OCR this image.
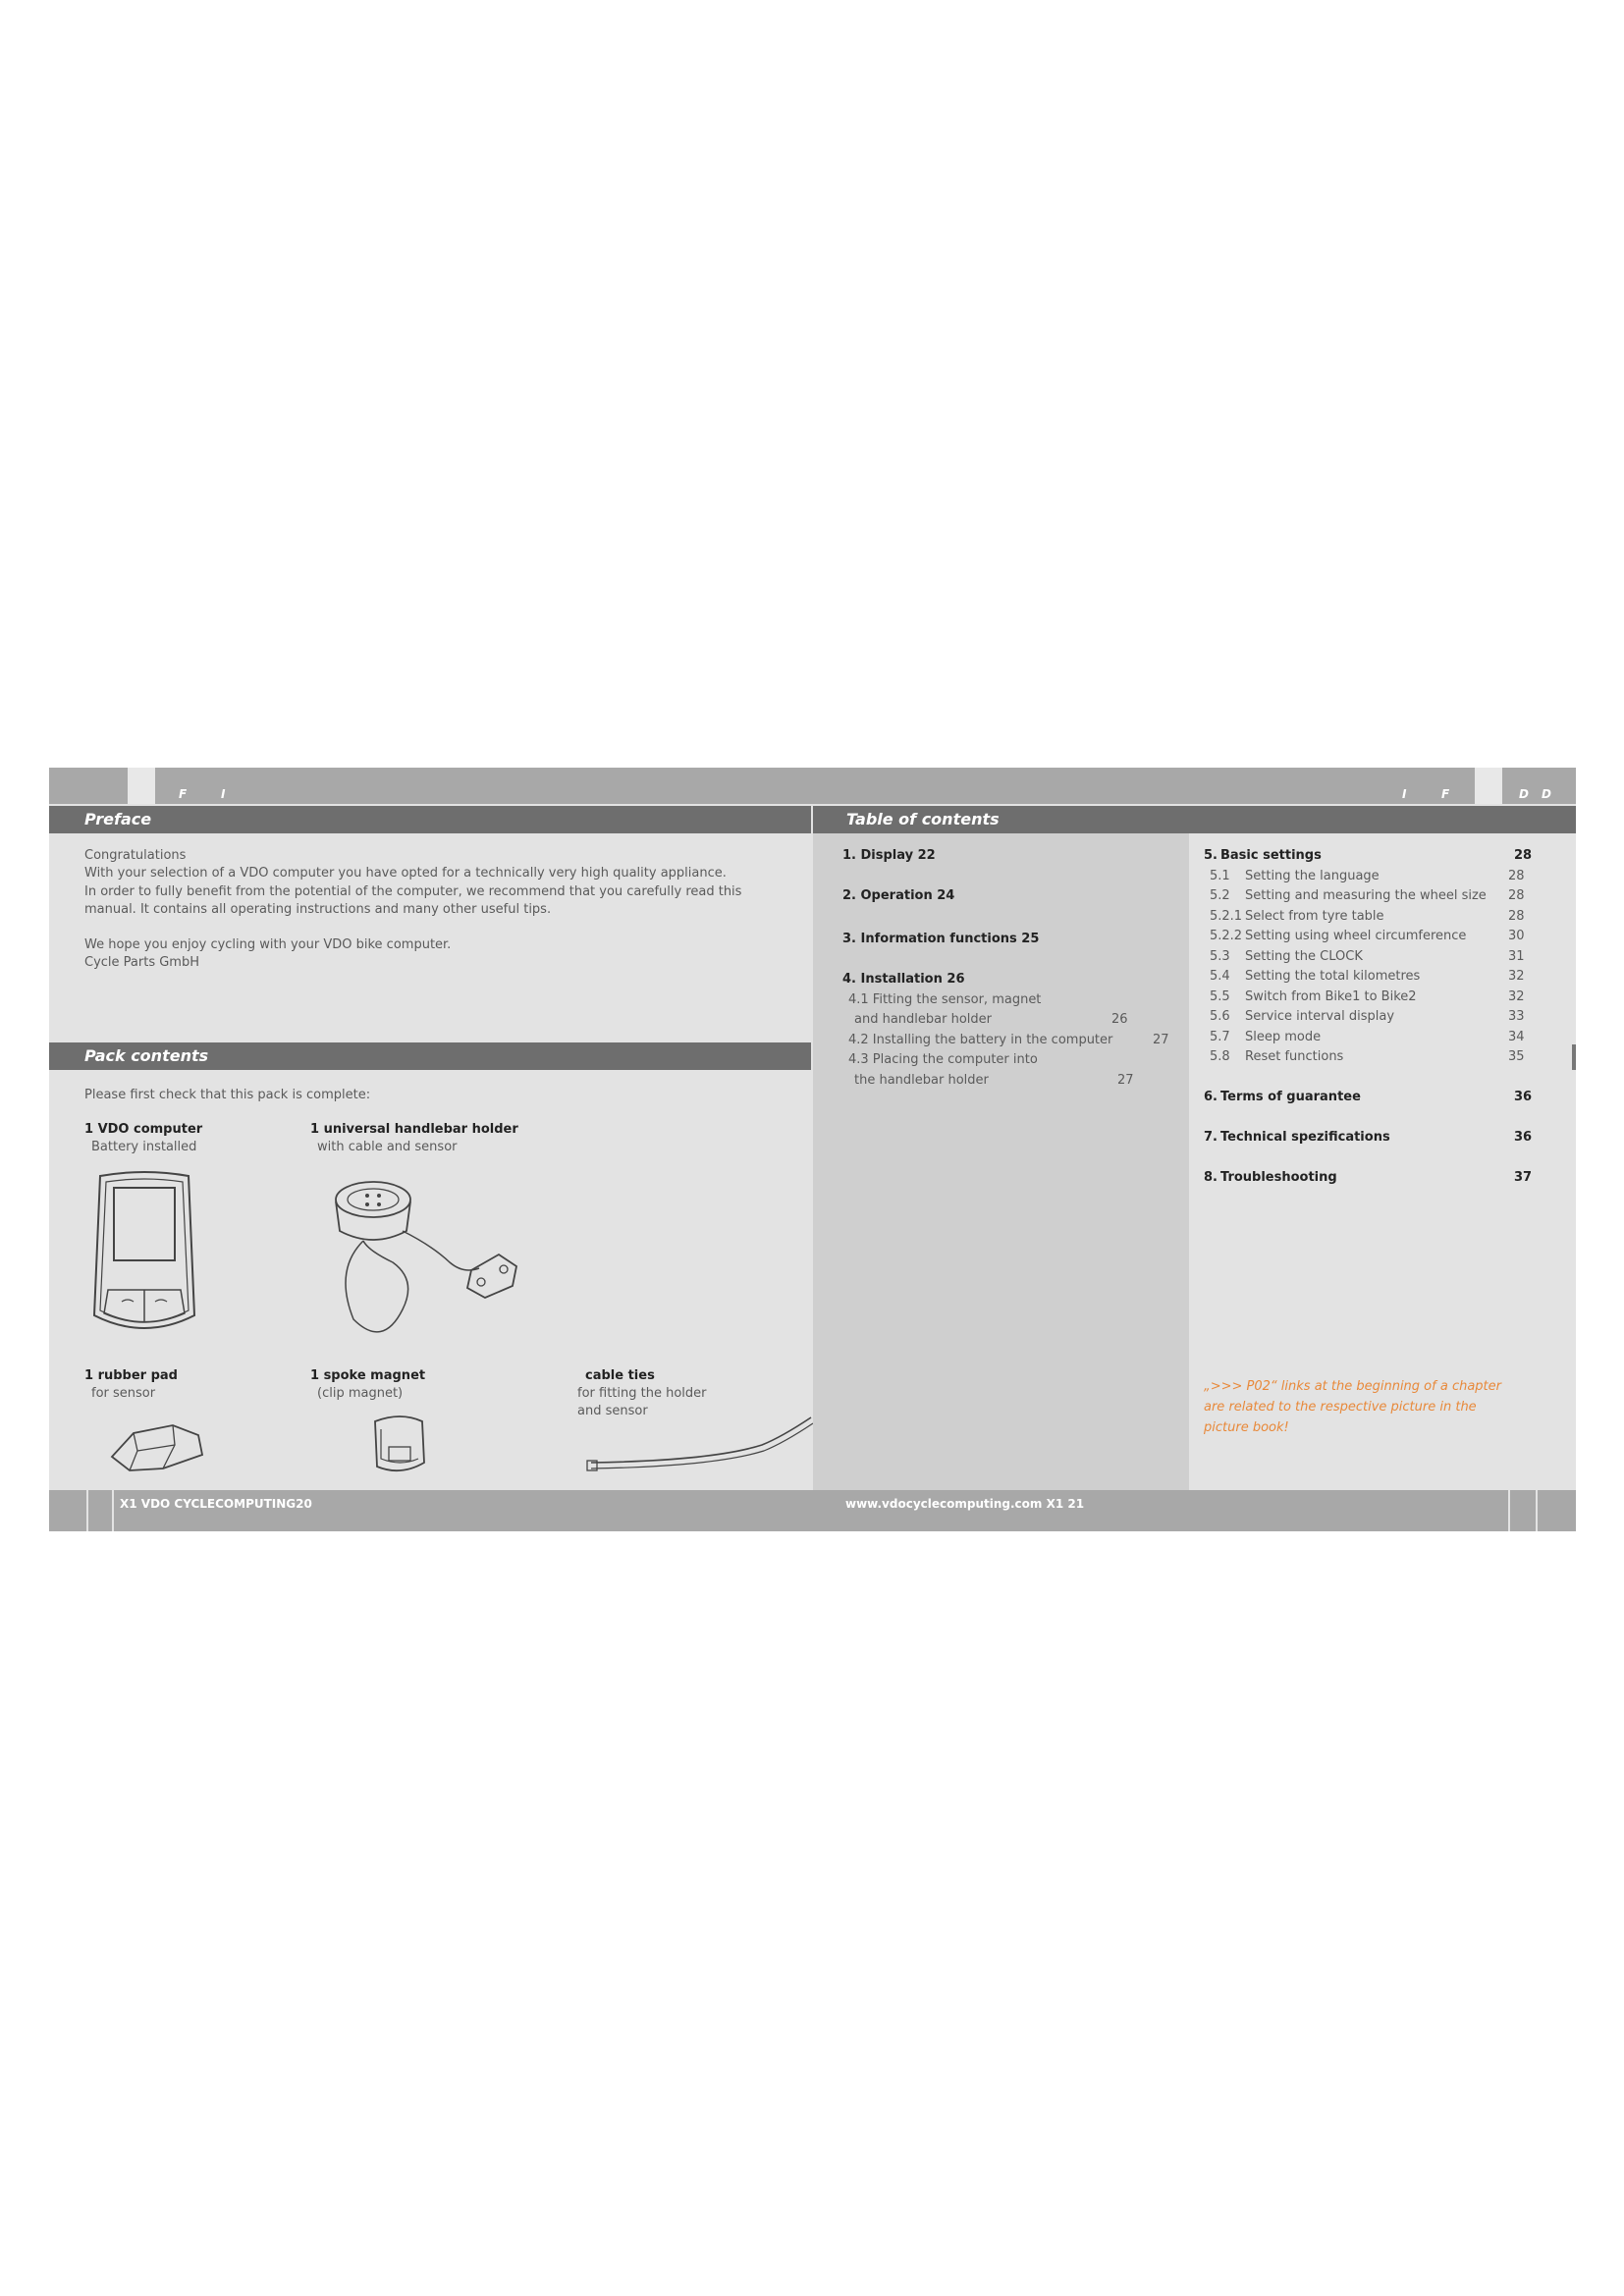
F	I	I	F	D D
Preface
Congratulations
With your selection of a VDO computer you have opted for a technically very high quality appliance.
In order to fully benefit from the potential of the computer, we recommend that you carefully read this
manual. It contains all operating instructions and many other useful tips.
We hope you enjoy cycling with your VDO bike computer.
Cycle Parts GmbH
Pack contents
Please first check that this pack is complete:
1 VDO computer
Battery installed
1 universal handlebar holder
with cable and sensor
1 rubber pad
for sensor
1 spoke magnet
(clip magnet)
cable ties
for fitting the holder
and sensor
Table of contents
1. Display 22
2. Operation 24
3. Information functions 25
4. Installation 26
4.1 Fitting the sensor, magnet
and handlebar holder	26
4.2 Installing the battery in the computer	27
4.3 Placing the computer into
the handlebar holder	27
5. Basic settings	28
5.1 Setting the language	28
5.2 Setting and measuring the wheel size 28
5.2.1 Select from tyre table	28
5.2.2 Setting using wheel circumference	30
5.3 Setting the CLOCK	31
5.4 Setting the total kilometres	32
5.5 Switch from Bike1 to Bike2	32
5.6 Service interval display	33
5.7 Sleep mode	34
5.8 Reset functions	35
6. Terms of guarantee	36
7. Technical spezifications	36
8. Troubleshooting	37
„>>> P02“ links at the beginning of a chapter
are related to the respective picture in the
picture book!
X1 VDO CYCLECOMPUTING20	www.vdocyclecomputing.com X1 21
